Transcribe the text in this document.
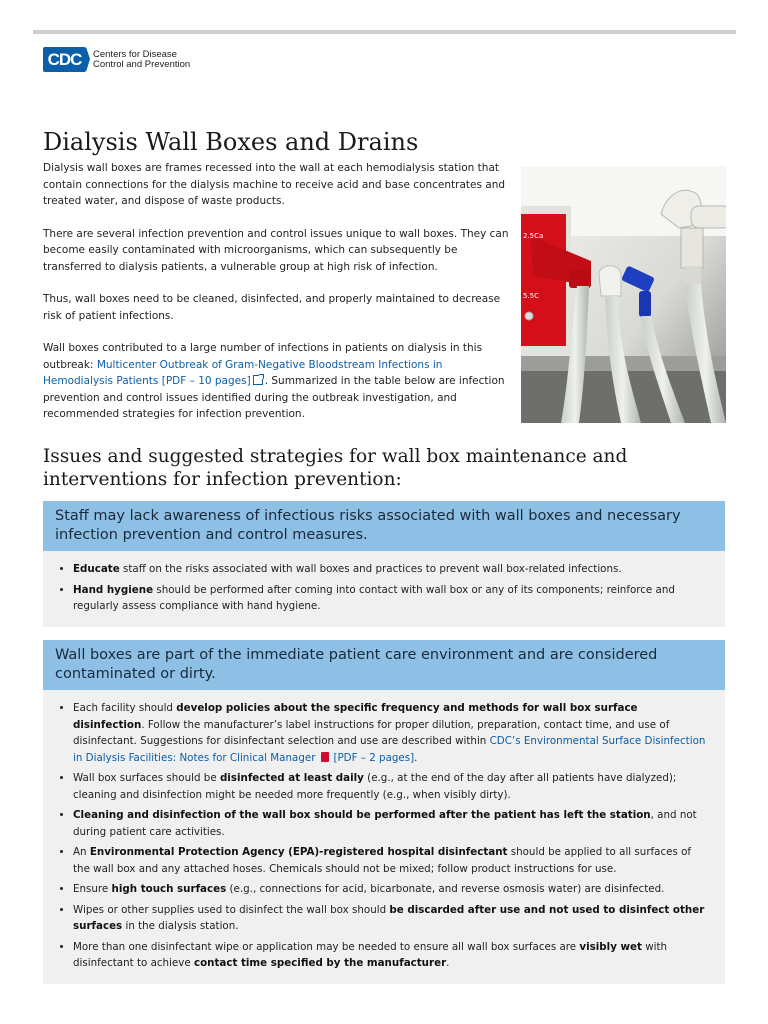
CDC	Centers for Disease
Control and Prevention
Dialysis Wall Boxes and Drains

Dialysis wall boxes are frames recessed into the wall at each hemodialysis station that contain connections for the dialysis machine to receive acid and base concentrates and treated water, and dispose of waste products.

There are several infection prevention and control issues unique to wall boxes. They can become easily contaminated with microorganisms, which can subsequently be transferred to dialysis patients, a vulnerable group at high risk of infection.

Thus, wall boxes need to be cleaned, disinfected, and properly maintained to decrease risk of patient infections.

Wall boxes contributed to a large number of infections in patients on dialysis in this outbreak: Multicenter Outbreak of Gram-Negative Bloodstream Infections in Hemodialysis Patients [PDF – 10 pages] . Summarized in the table below are infection prevention and control issues identified during the outbreak investigation, and recommended strategies for infection prevention.

2.5Ca
5.5C
Issues and suggested strategies for wall box maintenance and interventions for infection prevention:
Staff may lack awareness of infectious risks associated with wall boxes and necessary infection prevention and control measures.
• Educate staff on the risks associated with wall boxes and practices to prevent wall box-related infections.
• Hand hygiene should be performed after coming into contact with wall box or any of its components; reinforce and regularly assess compliance with hand hygiene.
Wall boxes are part of the immediate patient care environment and are considered contaminated or dirty.
• Each facility should develop policies about the specific frequency and methods for wall box surface disinfection. Follow the manufacturer’s label instructions for proper dilution, preparation, contact time, and use of disinfectant. Suggestions for disinfectant selection and use are described within CDC’s Environmental Surface Disinfection in Dialysis Facilities: Notes for Clinical Manager [PDF – 2 pages].
• Wall box surfaces should be disinfected at least daily (e.g., at the end of the day after all patients have dialyzed); cleaning and disinfection might be needed more frequently (e.g., when visibly dirty).
• Cleaning and disinfection of the wall box should be performed after the patient has left the station, and not during patient care activities.
• An Environmental Protection Agency (EPA)-registered hospital disinfectant should be applied to all surfaces of the wall box and any attached hoses. Chemicals should not be mixed; follow product instructions for use.
• Ensure high touch surfaces (e.g., connections for acid, bicarbonate, and reverse osmosis water) are disinfected.
• Wipes or other supplies used to disinfect the wall box should be discarded after use and not used to disinfect other surfaces in the dialysis station.
• More than one disinfectant wipe or application may be needed to ensure all wall box surfaces are visibly wet with disinfectant to achieve contact time specified by the manufacturer.
